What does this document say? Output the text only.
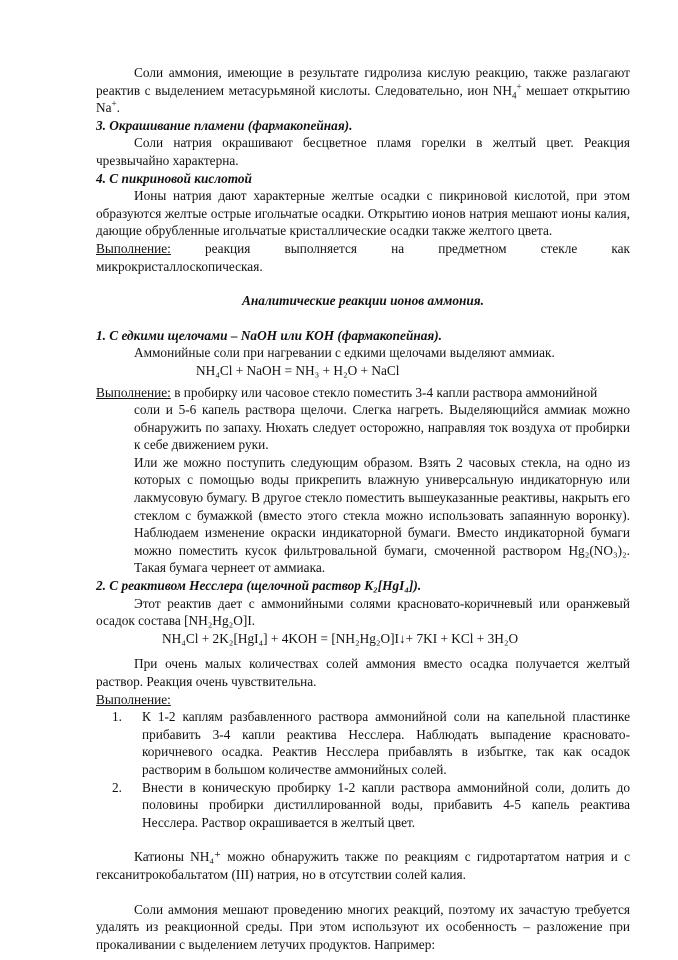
Соли аммония, имеющие в результате гидролиза кислую реакцию, также разлагают реактив с выделением метасурьмяной кислоты. Следовательно, ион $NH_4^+$ мешает открытию Na+.

3. Окрашивание пламени (фармакопейная).

Соли натрия окрашивают бесцветное пламя горелки в желтый цвет. Реакция чрезвычайно характерна.

4. С пикриновой кислотой

Ионы натрия дают характерные желтые осадки с пикриновой кислотой, при этом образуются желтые острые игольчатые осадки. Открытию ионов натрия мешают ионы калия, дающие обрубленные игольчатые кристаллические осадки также желтого цвета.

Выполнение: реакция выполняется на предметном стекле как

микрокристаллоскопическая.

Аналитические реакции ионов аммония.

1. С едкими щелочами – NaOH или KOH (фармакопейная).

Аммонийные соли при нагревании с едкими щелочами выделяют аммиак.

NH₄Cl + NaOH = NH₃ + H₂O + NaCl

Выполнение: в пробирку или часовое стекло поместить 3-4 капли раствора аммонийной

соли и 5-6 капель раствора щелочи. Слегка нагреть. Выделяющийся аммиак можно обнаружить по запаху. Нюхать следует осторожно, направляя ток воздуха от пробирки к себе движением руки.

Или же можно поступить следующим образом. Взять 2 часовых стекла, на одно из которых с помощью воды прикрепить влажную универсальную индикаторную или лакмусовую бумагу. В другое стекло поместить вышеуказанные реактивы, накрыть его стеклом с бумажкой (вместо этого стекла можно использовать запаянную воронку). Наблюдаем изменение окраски индикаторной бумаги. Вместо индикаторной бумаги можно поместить кусок фильтровальной бумаги, смоченной раствором Hg₂(NO₃)₂. Такая бумага чернеет от аммиака.

2. С реактивом Несслера (щелочной раствор K₂[HgI₄]).

Этот реактив дает с аммонийными солями красновато-коричневый или оранжевый осадок состава [NH₂Hg₂O]I.

NH₄Cl + 2K₂[HgI₄] + 4KOH = [NH₂Hg₂O]I↓+ 7KI + KCl + 3H₂O

При очень малых количествах солей аммония вместо осадка получается желтый раствор. Реакция очень чувствительна.

Выполнение:

1.	К 1-2 каплям разбавленного раствора аммонийной соли на капельной пластинке прибавить 3-4 капли реактива Несслера. Наблюдать выпадение красновато-коричневого осадка. Реактив Несслера прибавлять в избытке, так как осадок растворим в большом количестве аммонийных солей.
2.	Внести в коническую пробирку 1-2 капли раствора аммонийной соли, долить до половины пробирки дистиллированной воды, прибавить 4-5 капель реактива Несслера. Раствор окрашивается в желтый цвет.

Катионы NH₄⁺ можно обнаружить также по реакциям с гидротартатом натрия и с гексанитрокобальтатом (III) натрия, но в отсутствии солей калия.

Соли аммония мешают проведению многих реакций, поэтому их зачастую требуется удалять из реакционной среды. При этом используют их особенность – разложение при прокаливании с выделением летучих продуктов. Например:
